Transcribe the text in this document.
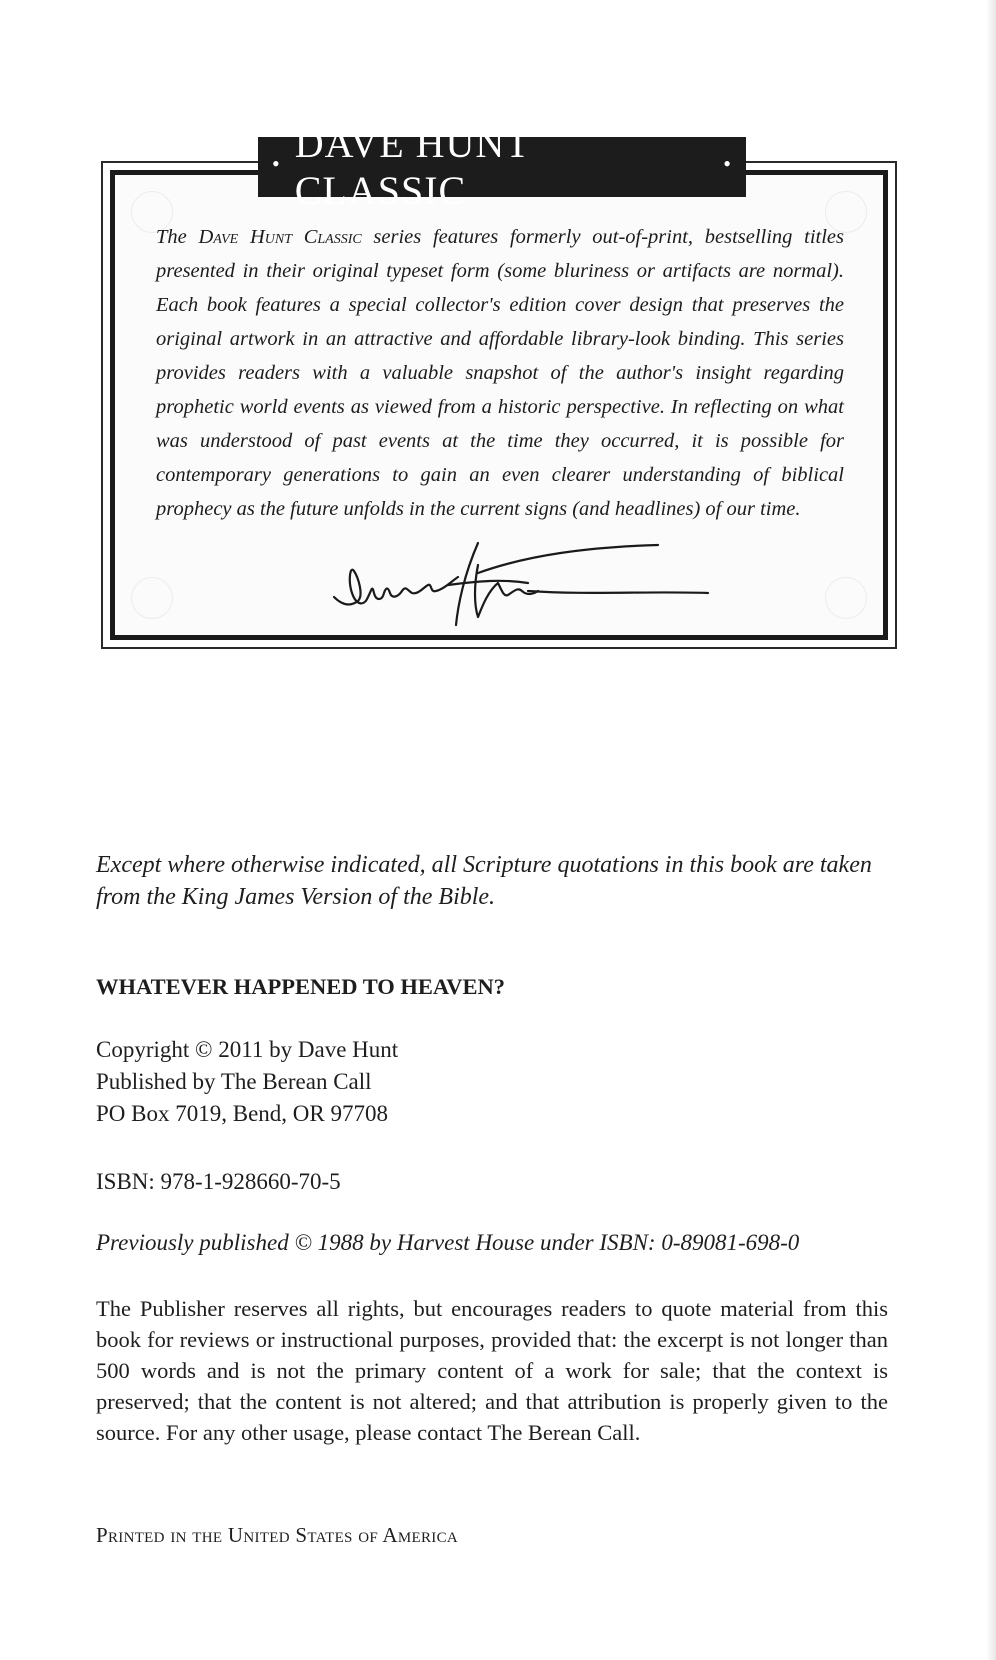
• DAVE HUNT CLASSIC
•
The Dave Hunt Classic series features formerly out-of-print, bestselling titles presented in their original typeset form (some bluriness or artifacts are normal). Each book features a special collector's edition cover design that preserves the original artwork in an attractive and affordable library-look binding. This series provides readers with a valuable snapshot of the author's insight regarding prophetic world events as viewed from a historic perspective. In reflecting on what was understood of past events at the time they occurred, it is possible for contemporary generations to gain an even clearer understanding of biblical prophecy as the future unfolds in the current signs (and headlines) of our time.
Except where otherwise indicated, all Scripture quotations in this book are taken from the King James Version of the Bible.
WHATEVER HAPPENED TO HEAVEN?
Copyright © 2011 by Dave Hunt
Published by The Berean Call
PO Box 7019, Bend, OR 97708
ISBN: 978-1-928660-70-5
Previously published © 1988 by Harvest House under ISBN: 0-89081-698-0
The Publisher reserves all rights, but encourages readers to quote material from this book for reviews or instructional purposes, provided that: the excerpt is not longer than 500 words and is not the primary content of a work for sale; that the context is preserved; that the content is not altered; and that attribution is properly given to the source. For any other usage, please contact The Berean Call.
Printed in the United States of America
